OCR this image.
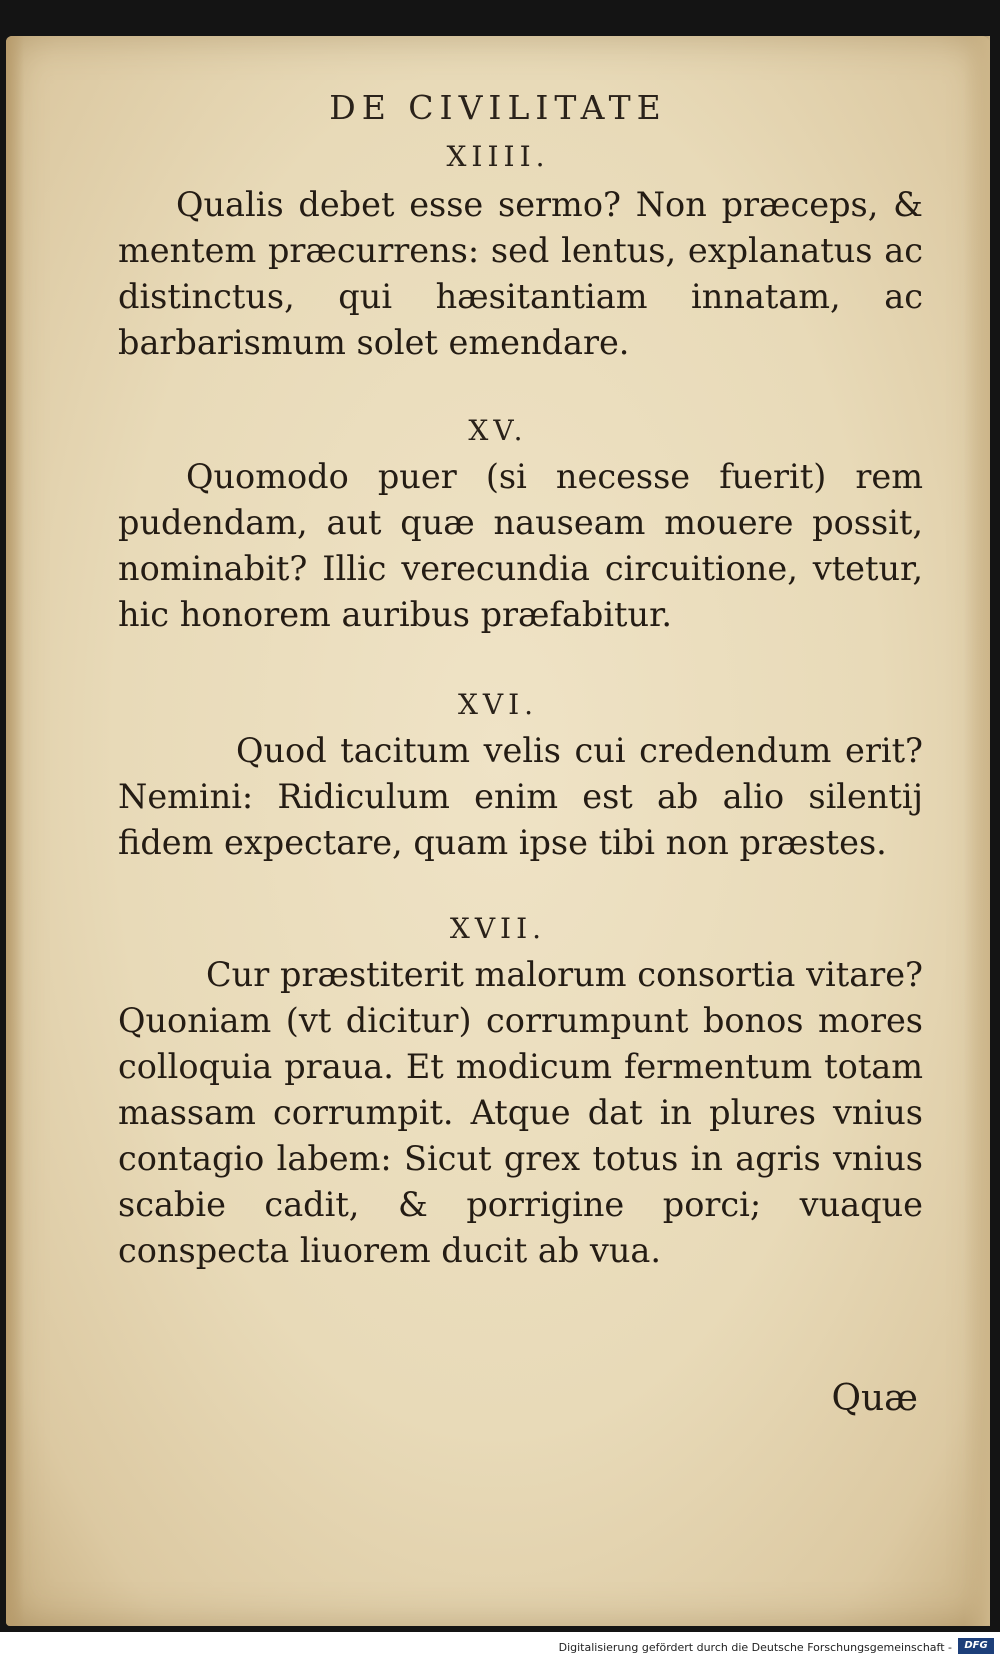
DE CIVILITATE
XIIII.
Qualis debet esse sermo? Non præceps, & mentem præcurrens: sed lentus, explanatus ac distinctus, qui hæsitantiam innatam, ac barbarismum solet emendare.
XV.
Quomodo puer (si necesse fuerit) rem pudendam, aut quæ nauseam mouere possit, nominabit? Illic verecundia circuitione, vtetur, hic honorem auribus præfabitur.
XVI.
Quod tacitum velis cui credendum erit? Nemini: Ridiculum enim est ab alio silentij fidem expectare, quam ipse tibi non præstes.
XVII.
Cur præstiterit malorum consortia vitare? Quoniam (vt dicitur) corrumpunt bonos mores colloquia praua. Et modicum fermentum totam massam corrumpit. Atque dat in plures vnius contagio labem: Sicut grex totus in agris vnius scabie cadit, & porrigine porci; vuaque conspecta liuorem ducit ab vua.
Quæ
Digitalisierung gefördert durch die Deutsche Forschungsgemeinschaft -	DFG
